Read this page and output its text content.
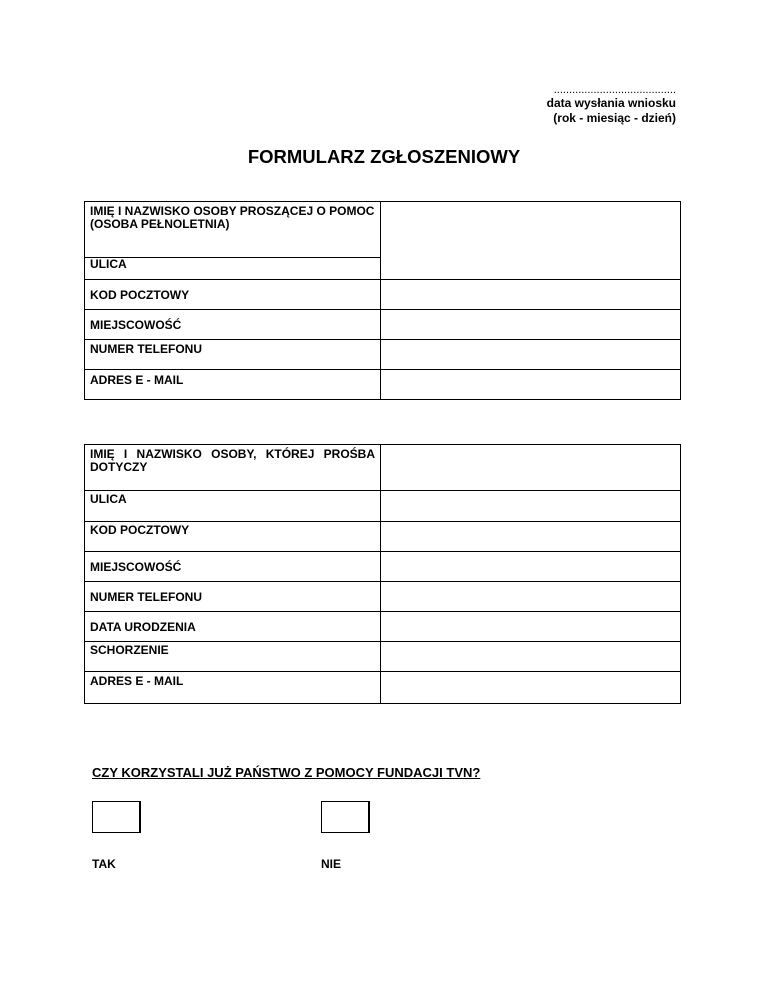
........................................
data wysłania wniosku
(rok - miesiąc - dzień)
FORMULARZ ZGŁOSZENIOWY
IMIĘ I NAZWISKO OSOBY PROSZĄCEJ O POMOC
(OSOBA PEŁNOLETNIA)	
ULICA	
KOD POCZTOWY	
MIEJSCOWOŚĆ	
NUMER TELEFONU	
ADRES E - MAIL	
IMIĘ I NAZWISKO OSOBY, KTÓREJ PROŚBA DOTYCZY	

ULICA	
KOD POCZTOWY	
MIEJSCOWOŚĆ	
NUMER TELEFONU	
DATA URODZENIA	
SCHORZENIE	
ADRES E - MAIL	
CZY KORZYSTALI JUŻ PAŃSTWO Z POMOCY FUNDACJI TVN?
TAK	NIE
